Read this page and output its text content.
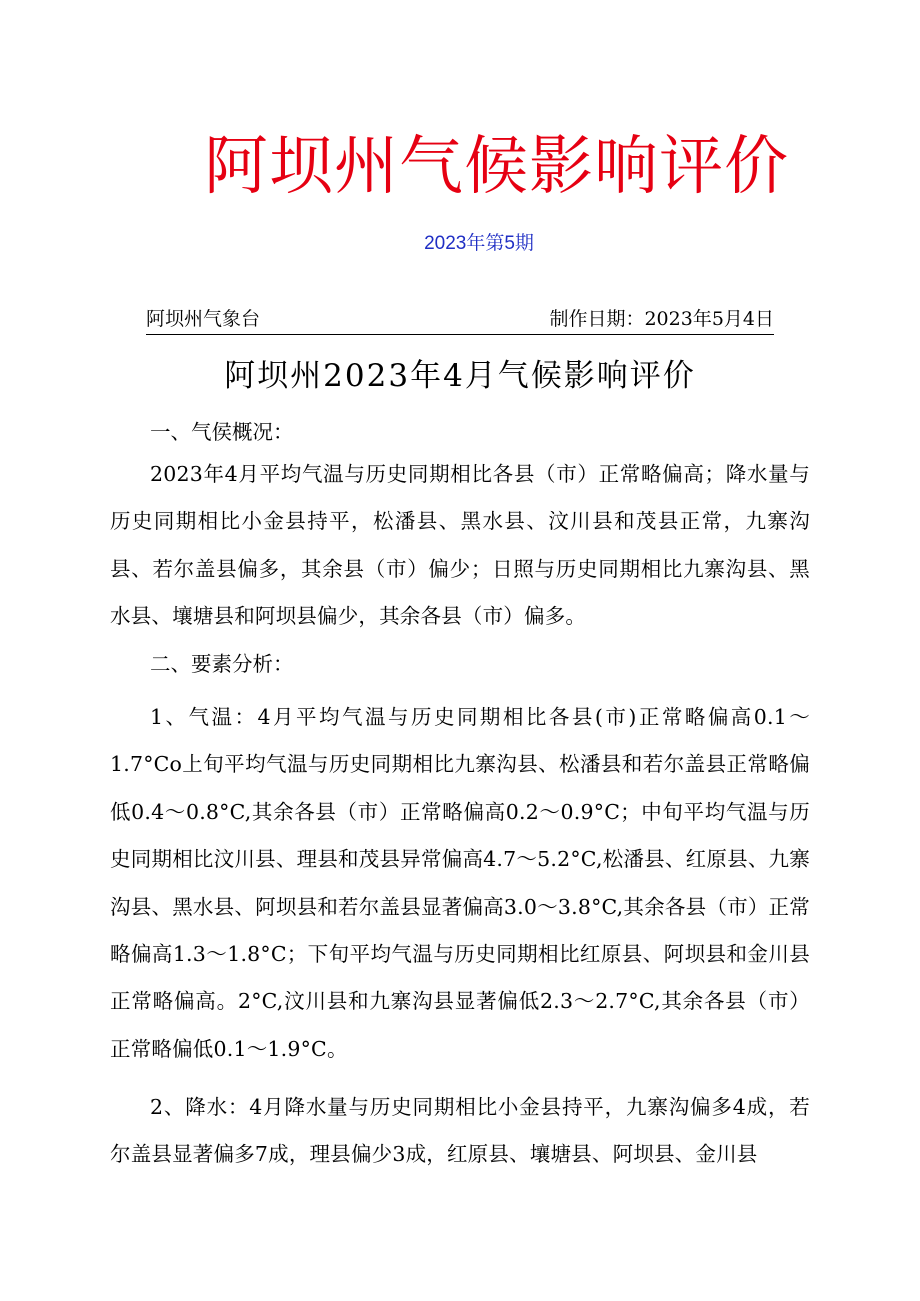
阿坝州气候影响评价
2023年第5期
阿坝州气象台	制作日期：2023年5月4日
阿坝州2023年4月气候影响评价

一、气侯概况：

2023年4月平均气温与历史同期相比各县（市）正常略偏高；降水量与历史同期相比小金县持平，松潘县、黑水县、汶川县和茂县正常，九寨沟县、若尔盖县偏多，其余县（市）偏少；日照与历史同期相比九寨沟县、黑水县、壤塘县和阿坝县偏少，其余各县（市）偏多。

二、要素分析：

1、气温：4月平均气温与历史同期相比各县(市)正常略偏高0.1～1.7°Co上旬平均气温与历史同期相比九寨沟县、松潘县和若尔盖县正常略偏低0.4～0.8°C,其余各县（市）正常略偏高0.2～0.9°C；中旬平均气温与历史同期相比汶川县、理县和茂县异常偏高4.7～5.2°C,松潘县、红原县、九寨沟县、黑水县、阿坝县和若尔盖县显著偏高3.0～3.8°C,其余各县（市）正常略偏高1.3～1.8°C；下旬平均气温与历史同期相比红原县、阿坝县和金川县正常略偏高。2°C,汶川县和九寨沟县显著偏低2.3～2.7°C,其余各县（市）正常略偏低0.1～1.9°C。

2、降水：4月降水量与历史同期相比小金县持平，九寨沟偏多4成，若尔盖县显著偏多7成，理县偏少3成，红原县、壤塘县、阿坝县、金川县
